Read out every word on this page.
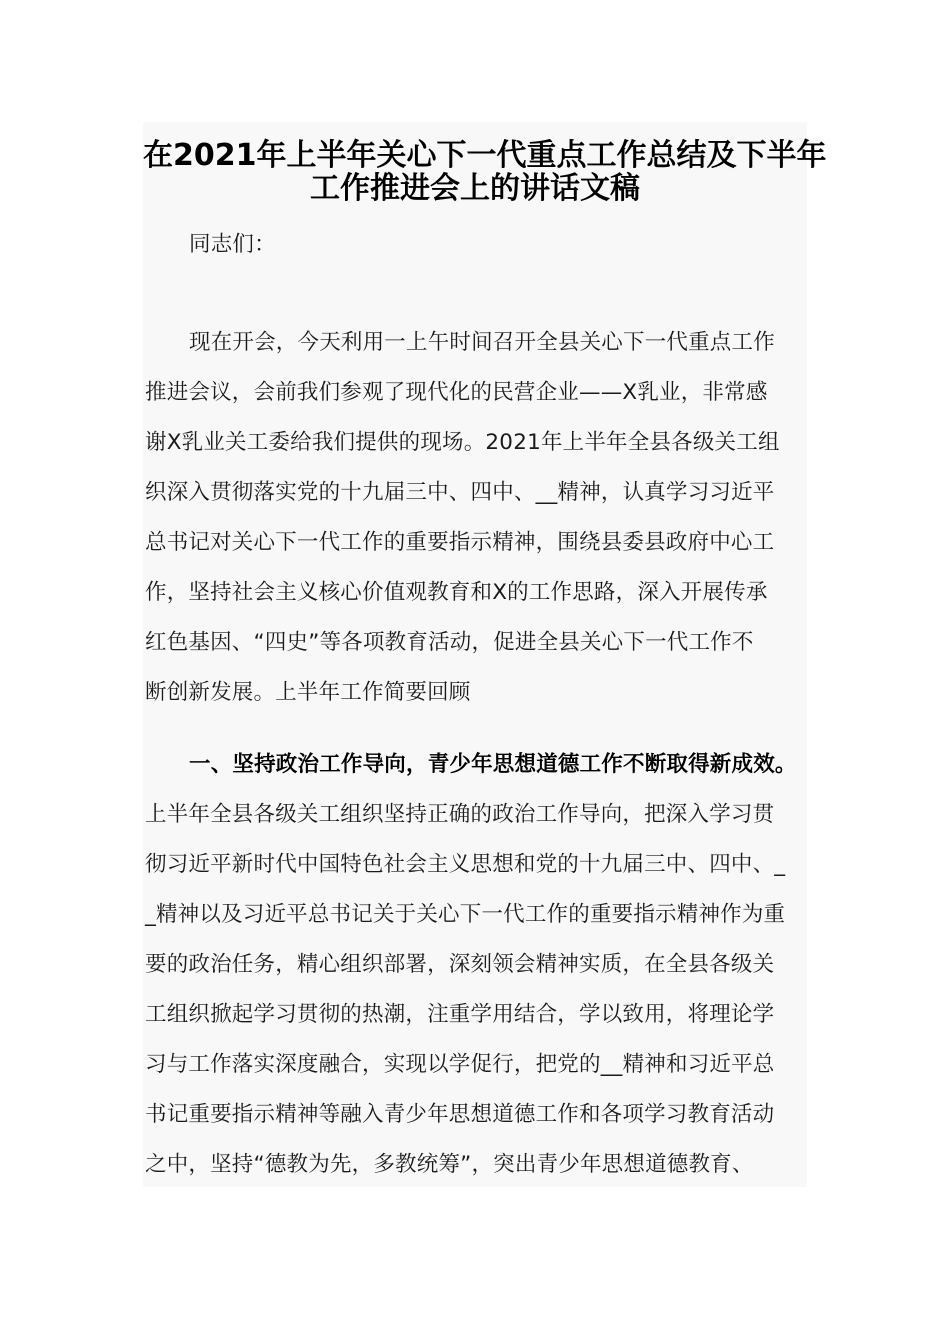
在2021年上半年关心下一代重点工作总结及下半年
工作推进会上的讲话文稿
同志们：
现在开会，今天利用一上午时间召开全县关心下一代重点工作
推进会议，会前我们参观了现代化的民营企业——X乳业，非常感
谢X乳业关工委给我们提供的现场。2021年上半年全县各级关工组
织深入贯彻落实党的十九届三中、四中、__精神，认真学习习近平
总书记对关心下一代工作的重要指示精神，围绕县委县政府中心工
作，坚持社会主义核心价值观教育和X的工作思路，深入开展传承
红色基因、“四史”等各项教育活动，促进全县关心下一代工作不
断创新发展。上半年工作简要回顾
一、坚持政治工作导向，青少年思想道德工作不断取得新成效。
上半年全县各级关工组织坚持正确的政治工作导向，把深入学习贯
彻习近平新时代中国特色社会主义思想和党的十九届三中、四中、_
_精神以及习近平总书记关于关心下一代工作的重要指示精神作为重
要的政治任务，精心组织部署，深刻领会精神实质，在全县各级关
工组织掀起学习贯彻的热潮，注重学用结合，学以致用，将理论学
习与工作落实深度融合，实现以学促行，把党的__精神和习近平总
书记重要指示精神等融入青少年思想道德工作和各项学习教育活动
之中，坚持“德教为先，多教统筹”，突出青少年思想道德教育、
